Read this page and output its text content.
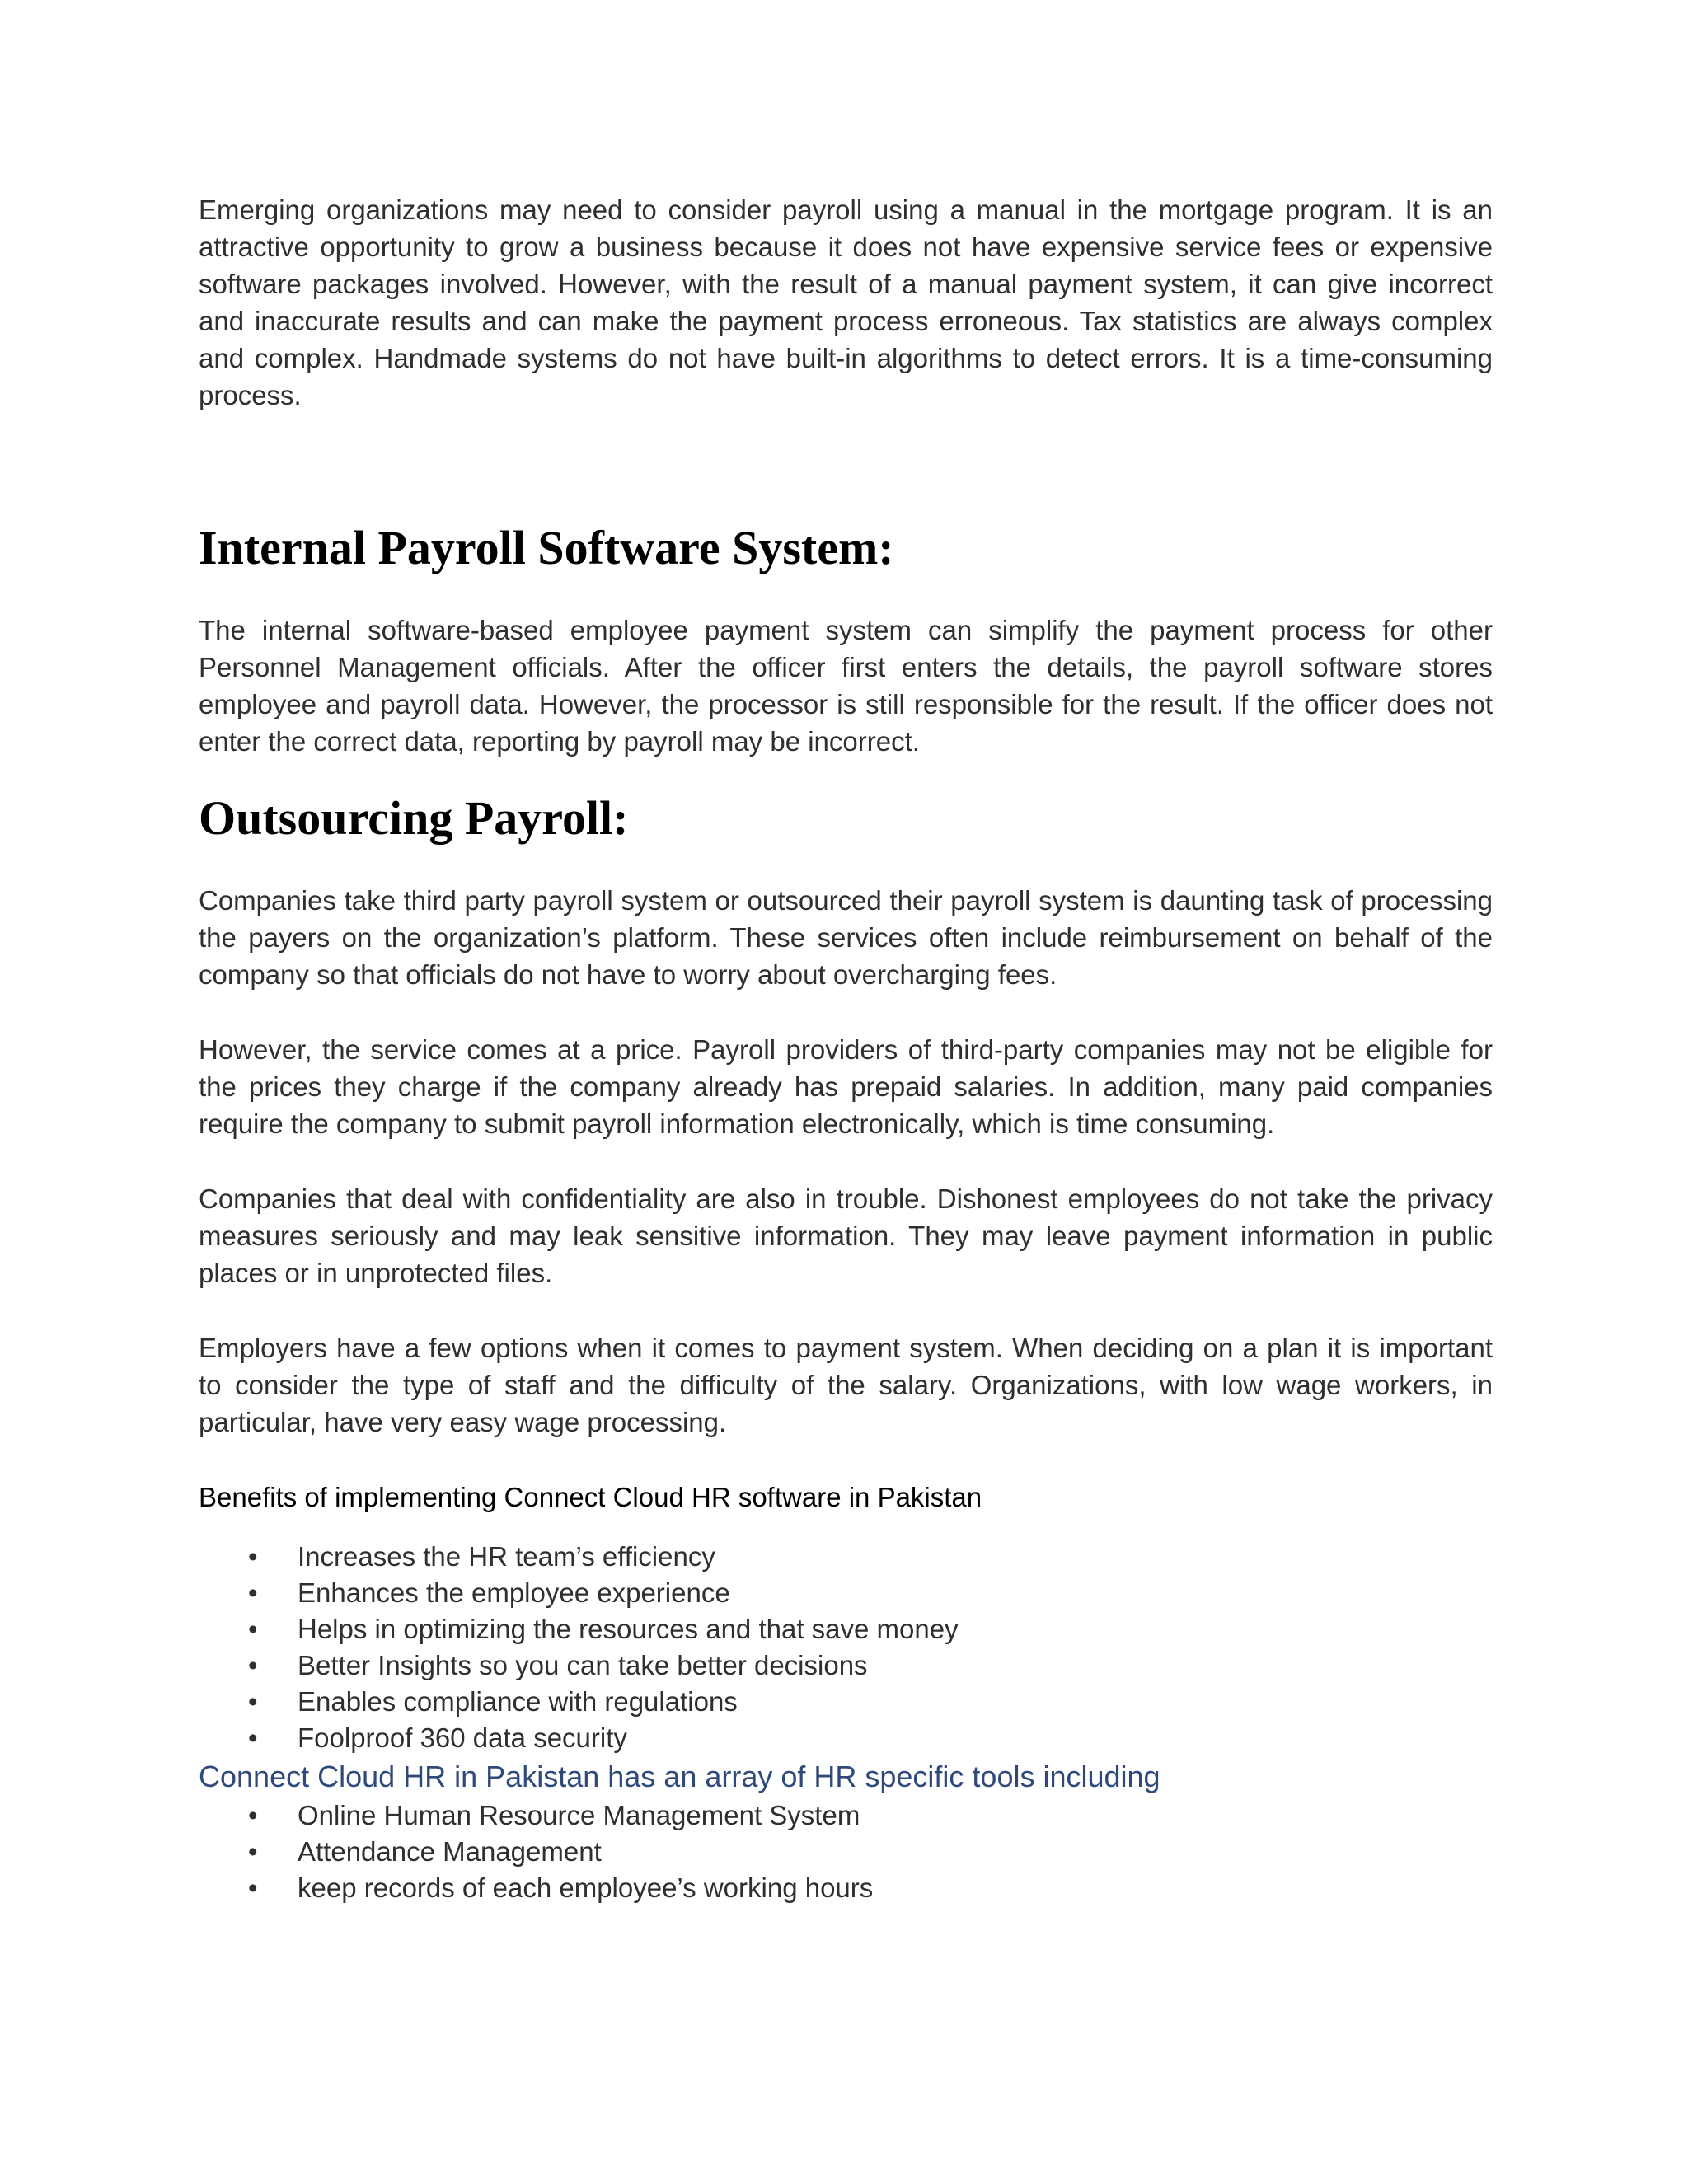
Emerging organizations may need to consider payroll using a manual in the mortgage program. It is an attractive opportunity to grow a business because it does not have expensive service fees or expensive software packages involved. However, with the result of a manual payment system, it can give incorrect and inaccurate results and can make the payment process erroneous. Tax statistics are always complex and complex. Handmade systems do not have built-in algorithms to detect errors. It is a time-consuming process.

Internal Payroll Software System:

The internal software-based employee payment system can simplify the payment process for other Personnel Management officials. After the officer first enters the details, the payroll software stores employee and payroll data. However, the processor is still responsible for the result. If the officer does not enter the correct data, reporting by payroll may be incorrect.

Outsourcing Payroll:

Companies take third party payroll system or outsourced their payroll system is daunting task of processing the payers on the organization’s platform. These services often include reimbursement on behalf of the company so that officials do not have to worry about overcharging fees.

However, the service comes at a price. Payroll providers of third-party companies may not be eligible for the prices they charge if the company already has prepaid salaries. In addition, many paid companies require the company to submit payroll information electronically, which is time consuming.

Companies that deal with confidentiality are also in trouble. Dishonest employees do not take the privacy measures seriously and may leak sensitive information. They may leave payment information in public places or in unprotected files.

Employers have a few options when it comes to payment system. When deciding on a plan it is important to consider the type of staff and the difficulty of the salary. Organizations, with low wage workers, in particular, have very easy wage processing.

Benefits of implementing Connect Cloud HR software in Pakistan

• Increases the HR team’s efficiency
• Enhances the employee experience
• Helps in optimizing the resources and that save money
• Better Insights so you can take better decisions
• Enables compliance with regulations
• Foolproof 360 data security

Connect Cloud HR in Pakistan has an array of HR specific tools including

• Online Human Resource Management System
• Attendance Management
• keep records of each employee’s working hours
